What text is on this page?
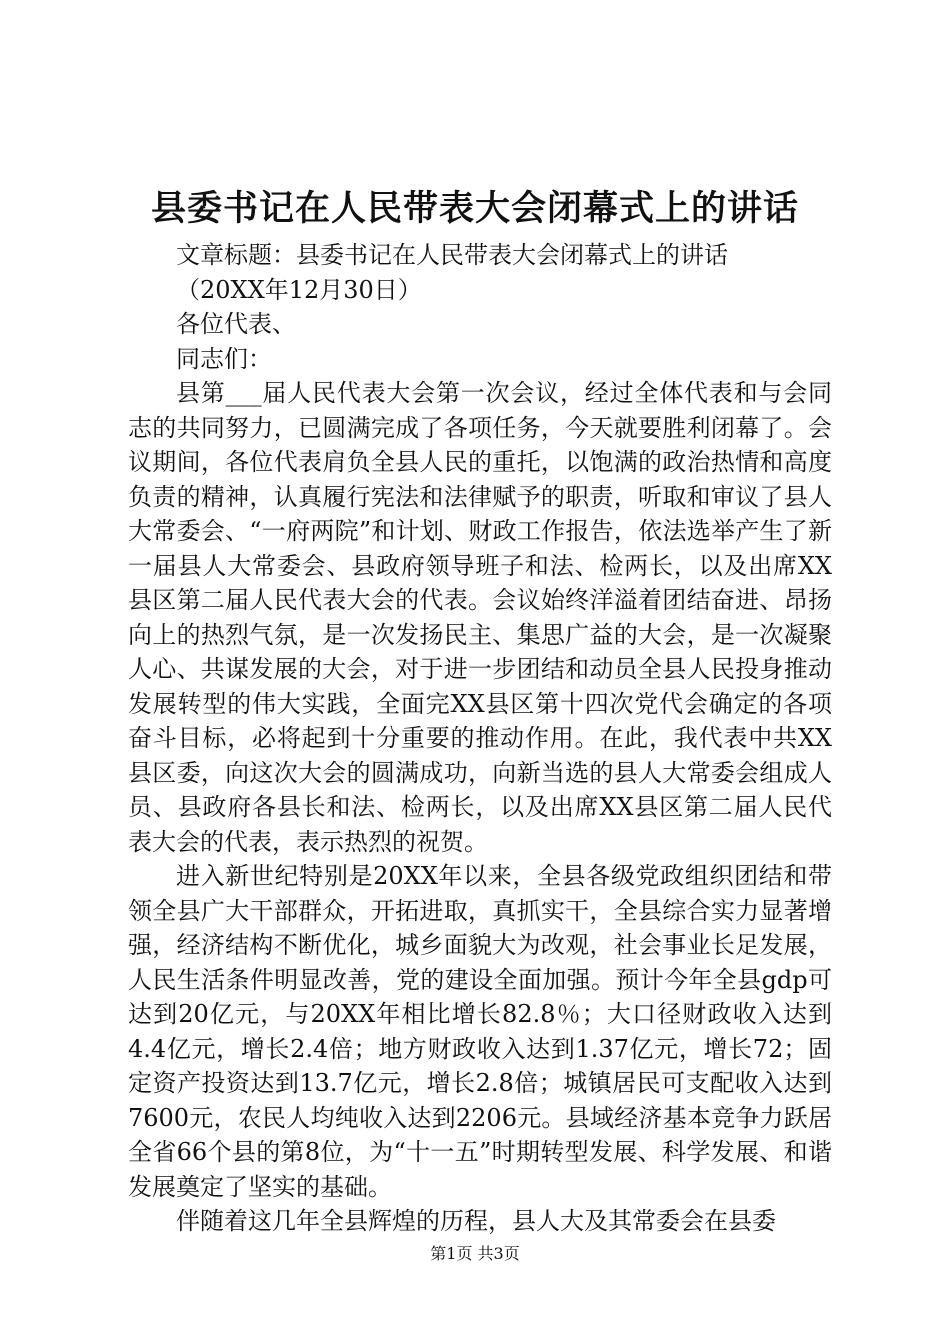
县委书记在人民带表大会闭幕式上的讲话

文章标题：县委书记在人民带表大会闭幕式上的讲话

（20XX年12月30日）

各位代表、

同志们：

县第___届人民代表大会第一次会议，经过全体代表和与会同志的共同努力，已圆满完成了各项任务，今天就要胜利闭幕了。会议期间，各位代表肩负全县人民的重托，以饱满的政治热情和高度负责的精神，认真履行宪法和法律赋予的职责，听取和审议了县人大常委会、“一府两院”和计划、财政工作报告，依法选举产生了新一届县人大常委会、县政府领导班子和法、检两长，以及出席XX县区第二届人民代表大会的代表。会议始终洋溢着团结奋进、昂扬向上的热烈气氛，是一次发扬民主、集思广益的大会，是一次凝聚人心、共谋发展的大会，对于进一步团结和动员全县人民投身推动发展转型的伟大实践，全面完XX县区第十四次党代会确定的各项奋斗目标，必将起到十分重要的推动作用。在此，我代表中共XX县区委，向这次大会的圆满成功，向新当选的县人大常委会组成人员、县政府各县长和法、检两长，以及出席XX县区第二届人民代表大会的代表，表示热烈的祝贺。

进入新世纪特别是20XX年以来，全县各级党政组织团结和带领全县广大干部群众，开拓进取，真抓实干，全县综合实力显著增强，经济结构不断优化，城乡面貌大为改观，社会事业长足发展，人民生活条件明显改善，党的建设全面加强。预计今年全县gdp可达到20亿元，与20XX年相比增长82.8％；大口径财政收入达到4.4亿元，增长2.4倍；地方财政收入达到1.37亿元，增长72；固定资产投资达到13.7亿元，增长2.8倍；城镇居民可支配收入达到7600元，农民人均纯收入达到2206元。县域经济基本竞争力跃居全省66个县的第8位，为“十一五”时期转型发展、科学发展、和谐发展奠定了坚实的基础。

伴随着这几年全县辉煌的历程，县人大及其常委会在县委

第1页 共3页
